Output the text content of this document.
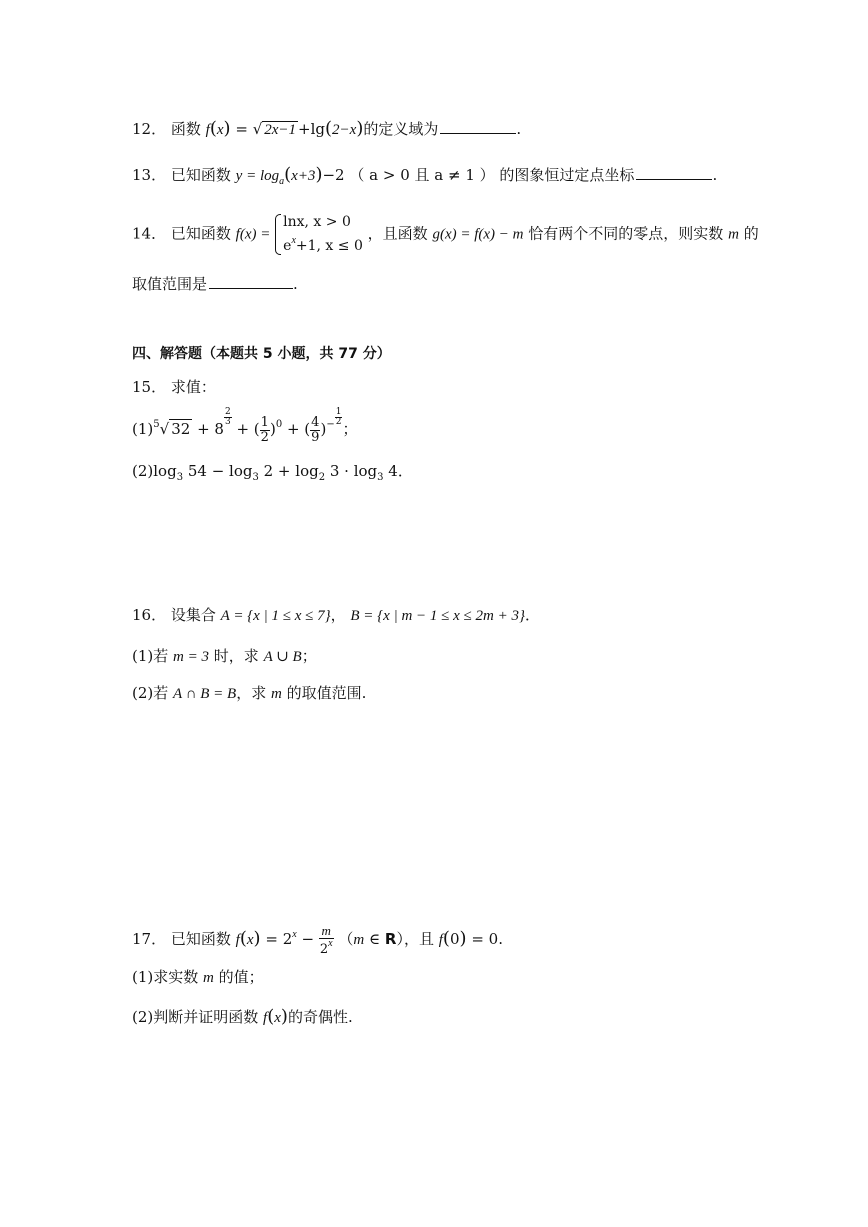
12． 函数 f(x) = √ 2x−1 +lg(2−x)的定义域为	.
13． 已知函数 $y = \log_a(x+3)-2$ （ a > 0 且 a ≠ 1 ） 的图象恒过定点坐标	.
14． 已知函数 f(x) =
lnx, x > 0
$e^x+1$, x ≤ 0
，且函数 g(x) = f(x) − m 恰有两个不同的零点，则实数 m 的
取值范围是	.
四、解答题（本题共 5 小题，共 77 分）
15． 求值：
$(1)^5√$ 32 + 8
$\frac{2}{3}$
+ ( $\frac{1}{2} )^0$ + ( $\frac{4}{9} )^- \frac{1}{2}$
；
$(2)\log_3$ $54 - \log_3 2 + \log_2 3 \cdot \log_3 4$．
16． 设集合 A = {x | 1 ≤ x ≤ 7}， B = {x | m − 1 ≤ x ≤ 2m + 3}．
(1)若 m = 3 时，求 A ∪ B；
(2)若 A ∩ B = B，求 m 的取值范围.
17． 已知函数 $f(x) = 2^x - \frac{m}{2^x} (m$ ∈ R），且 f(0) = 0.
(1)求实数 m 的值；
(2)判断并证明函数 f(x)的奇偶性.
